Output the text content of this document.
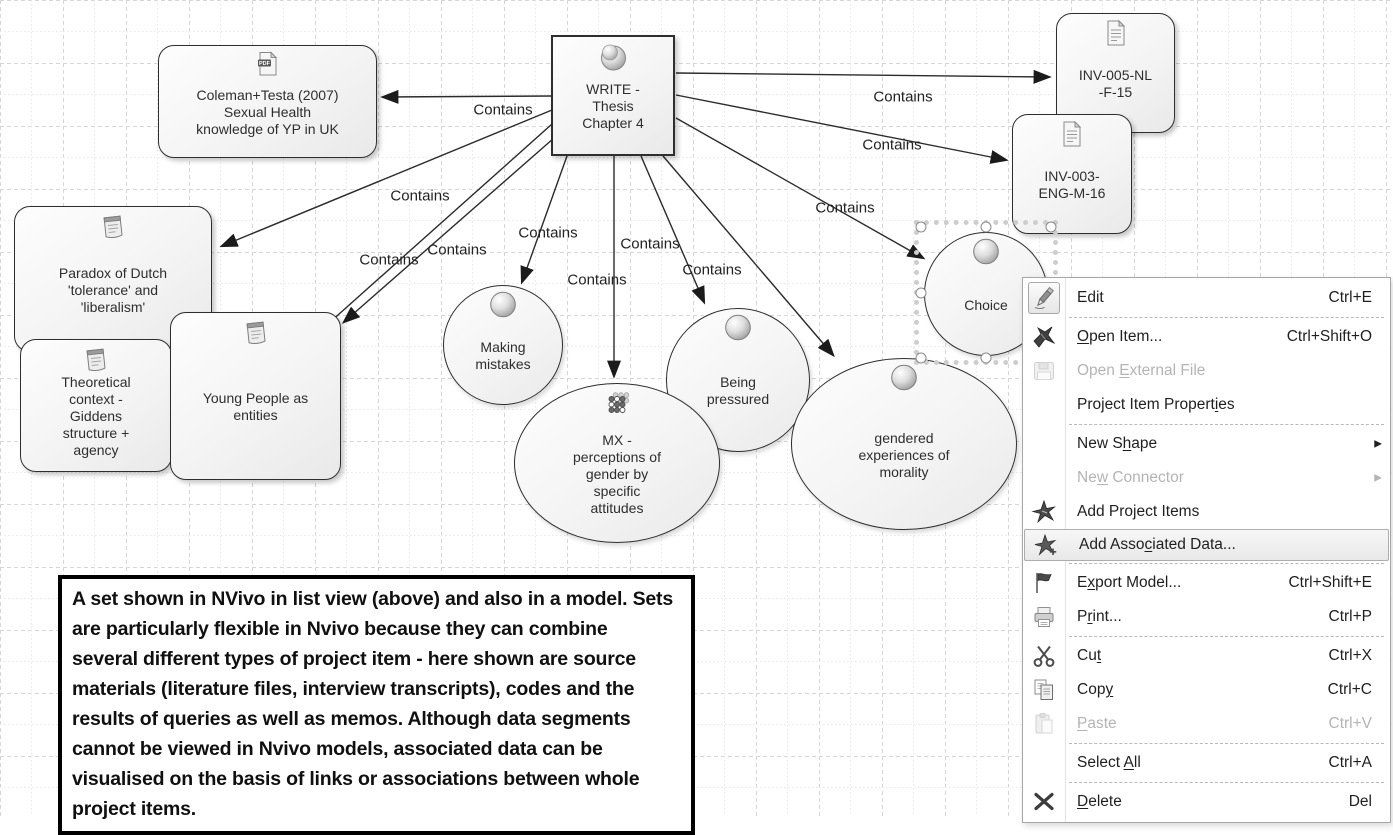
WRITE -
Thesis
Chapter 4
PDF
Coleman+Testa (2007)
Sexual Health
knowledge of YP in UK
INV-005-NL
-F-15
INV-003-
ENG-M-16
Paradox of Dutch
'tolerance' and
'liberalism'
Theoretical
context -
Giddens
structure +
agency
Young People as
entities
Making
mistakes
MX -
perceptions of
gender by
specific
attitudes
Being
pressured
gendered
experiences of
morality
Choice
Contains
Contains
Contains
Contains
Contains
Contains
Contains
Contains
Contains
Contains
Contains
A set shown in NVivo in list view (above) and also in a model. Sets are particularly flexible in Nvivo because they can combine several different types of project item - here shown are source materials (literature files, interview transcripts), codes and the results of queries as well as memos. Although data segments cannot be viewed in Nvivo models, associated data can be visualised on the basis of links or associations between whole project items.
Edit	Ctrl+E
Open Item...	Ctrl+Shift+O
Open External File
Project Item Properties
New Shape	▶
New Connector	▶
Add Project Items
Add Associated Data...
Export Model...	Ctrl+Shift+E
Print...	Ctrl+P
Cut	Ctrl+X
Copy	Ctrl+C
Paste	Ctrl+V
Select All	Ctrl+A
Delete	Del
